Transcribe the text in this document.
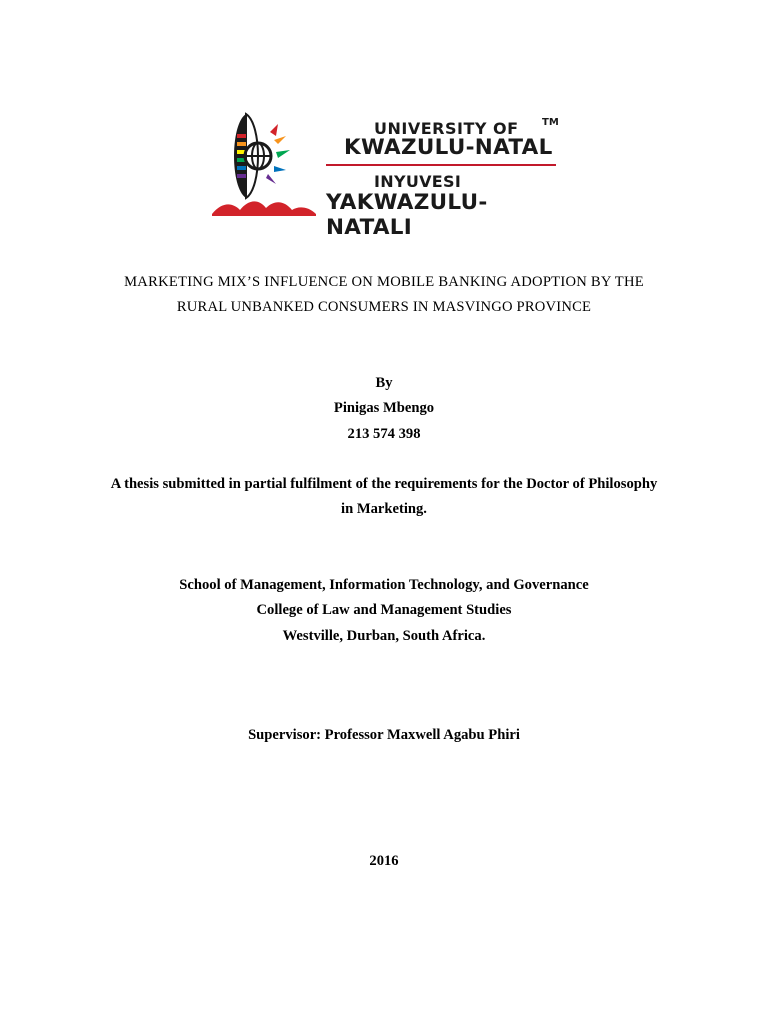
UNIVERSITY OF TM
KWAZULU-NATAL
INYUVESI
YAKWAZULU-NATALI
MARKETING MIX’S INFLUENCE ON MOBILE BANKING ADOPTION BY THE
RURAL UNBANKED CONSUMERS IN MASVINGO PROVINCE
By
Pinigas Mbengo
213 574 398
A thesis submitted in partial fulfilment of the requirements for the Doctor of Philosophy
in Marketing.
School of Management, Information Technology, and Governance
College of Law and Management Studies
Westville, Durban, South Africa.
Supervisor: Professor Maxwell Agabu Phiri
2016
